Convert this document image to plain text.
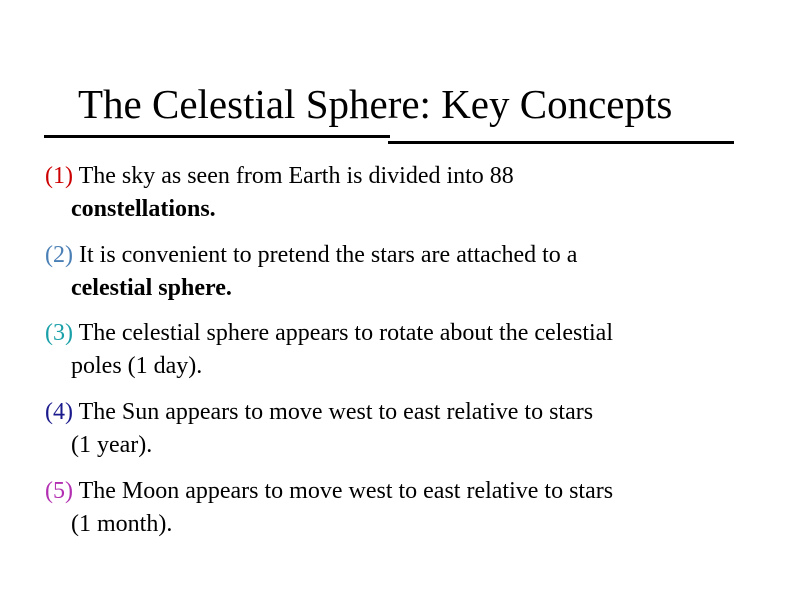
The Celestial Sphere: Key Concepts
(1) The sky as seen from Earth is divided into 88
constellations.
(2) It is convenient to pretend the stars are attached to a
celestial sphere.
(3) The celestial sphere appears to rotate about the celestial
poles (1 day).
(4) The Sun appears to move west to east relative to stars
(1 year).
(5) The Moon appears to move west to east relative to stars
(1 month).
